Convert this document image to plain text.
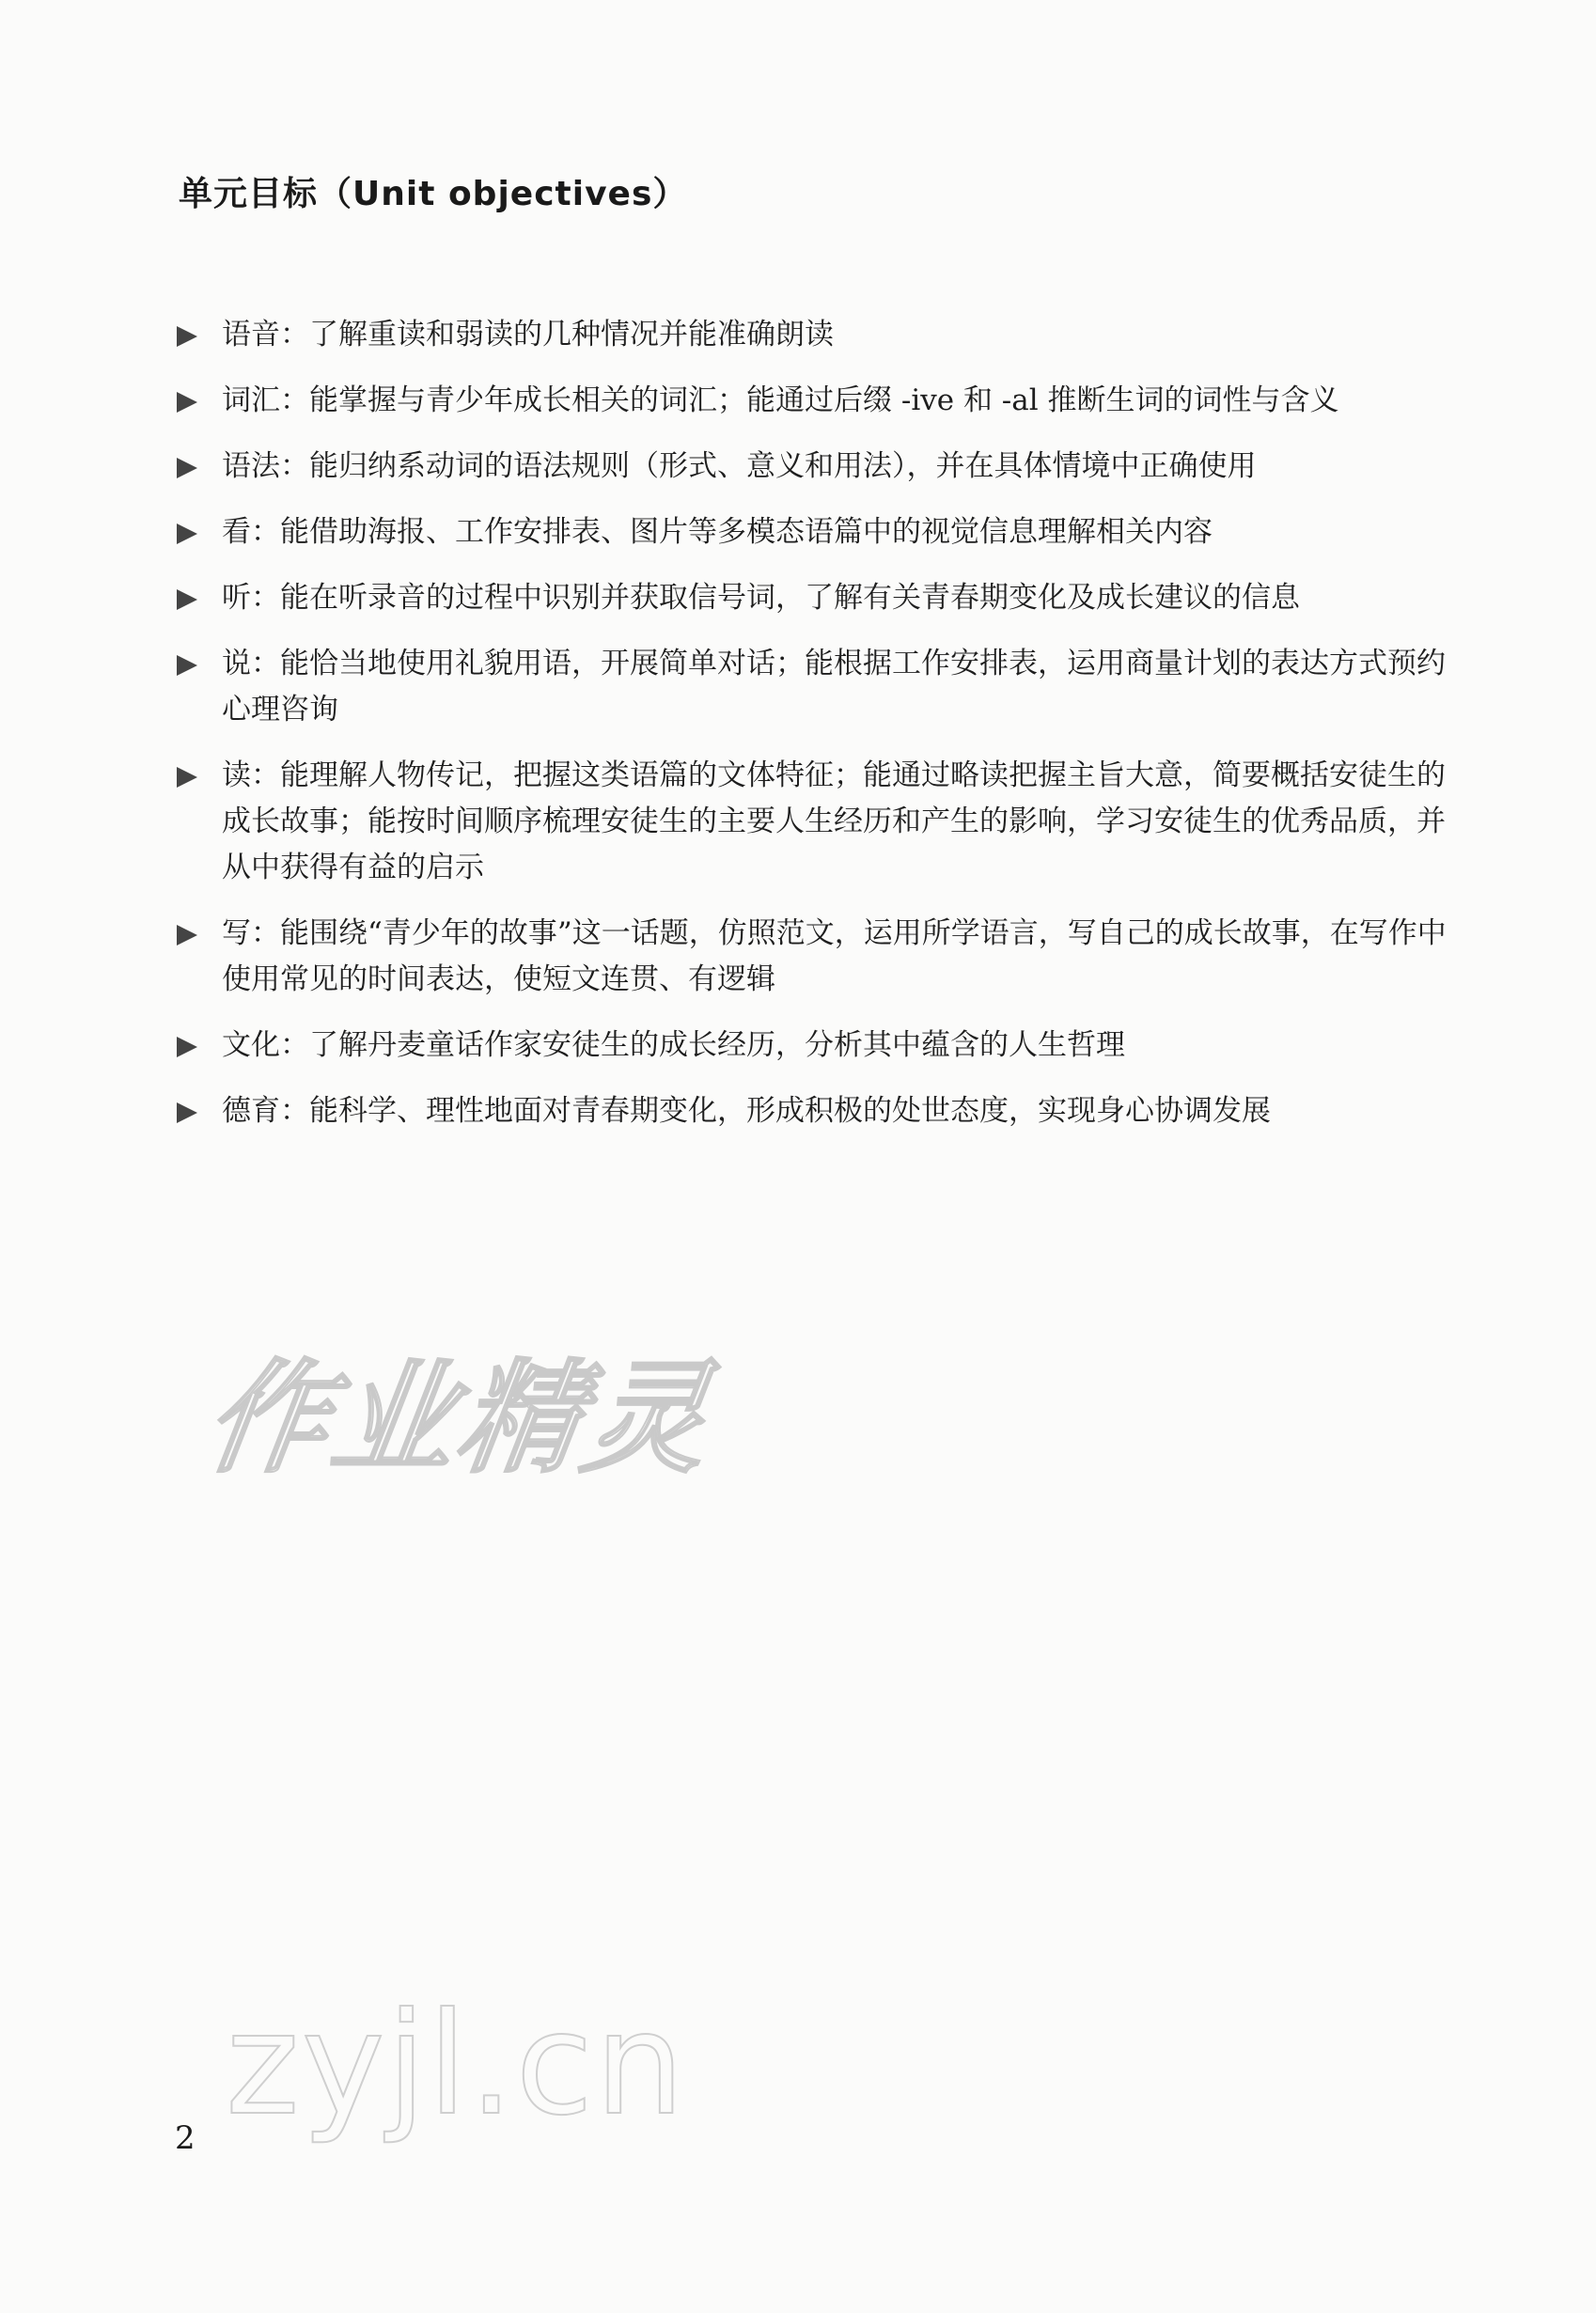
单元目标（Unit objectives）
语音：了解重读和弱读的几种情况并能准确朗读
词汇：能掌握与青少年成长相关的词汇；能通过后缀 -ive 和 -al 推断生词的词性与含义
语法：能归纳系动词的语法规则（形式、意义和用法），并在具体情境中正确使用
看：能借助海报、工作安排表、图片等多模态语篇中的视觉信息理解相关内容
听：能在听录音的过程中识别并获取信号词，了解有关青春期变化及成长建议的信息
说：能恰当地使用礼貌用语，开展简单对话；能根据工作安排表，运用商量计划的表达方式预约心理咨询
读：能理解人物传记，把握这类语篇的文体特征；能通过略读把握主旨大意，简要概括安徒生的成长故事；能按时间顺序梳理安徒生的主要人生经历和产生的影响，学习安徒生的优秀品质，并从中获得有益的启示
写：能围绕“青少年的故事”这一话题，仿照范文，运用所学语言，写自己的成长故事，在写作中使用常见的时间表达，使短文连贯、有逻辑
文化：了解丹麦童话作家安徒生的成长经历，分析其中蕴含的人生哲理
德育：能科学、理性地面对青春期变化，形成积极的处世态度，实现身心协调发展
作业精灵
zyjl.cn
2
